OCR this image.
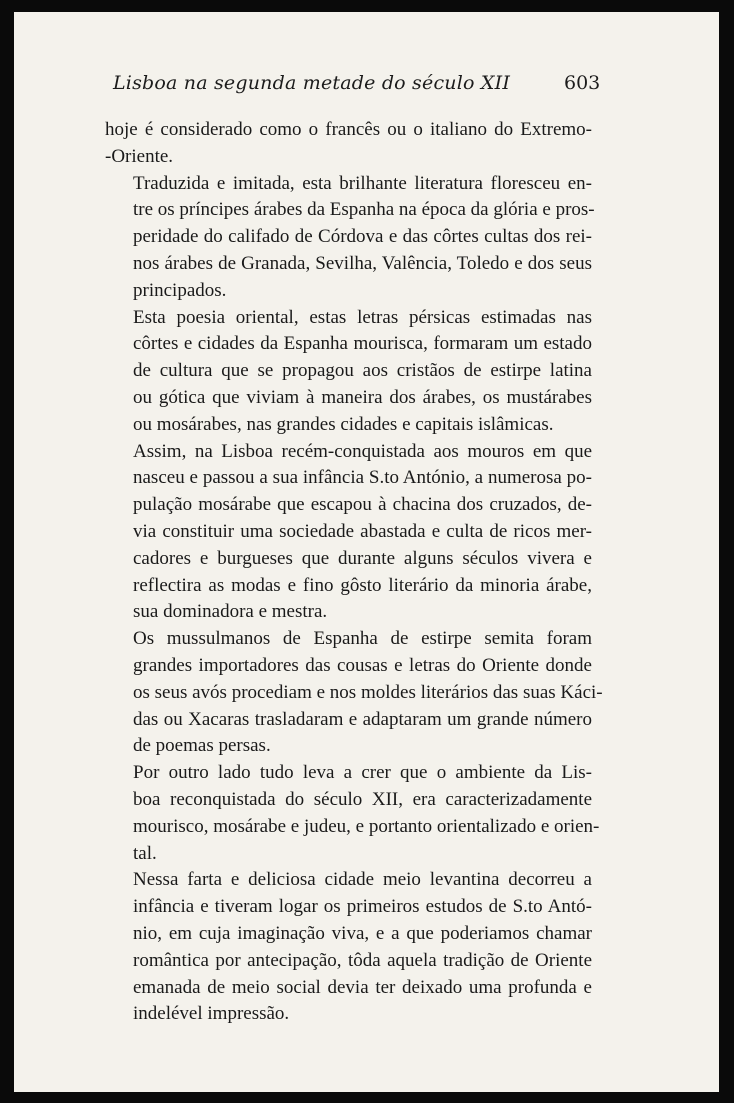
Lisboa na segunda metade do século XII	603

hoje é considerado como o francês ou o italiano do Extremo-
-Oriente.

Traduzida e imitada, esta brilhante literatura floresceu en-
tre os príncipes árabes da Espanha na época da glória e pros-
peridade do califado de Córdova e das côrtes cultas dos rei-
nos árabes de Granada, Sevilha, Valência, Toledo e dos seus
principados.

Esta poesia oriental, estas letras pérsicas estimadas nas
côrtes e cidades da Espanha mourisca, formaram um estado
de cultura que se propagou aos cristãos de estirpe latina
ou gótica que viviam à maneira dos árabes, os mustárabes
ou mosárabes, nas grandes cidades e capitais islâmicas.

Assim, na Lisboa recém-conquistada aos mouros em que
nasceu e passou a sua infância S.to António, a numerosa po-
pulação mosárabe que escapou à chacina dos cruzados, de-
via constituir uma sociedade abastada e culta de ricos mer-
cadores e burgueses que durante alguns séculos vivera e
reflectira as modas e fino gôsto literário da minoria árabe,
sua dominadora e mestra.

Os mussulmanos de Espanha de estirpe semita foram
grandes importadores das cousas e letras do Oriente donde
os seus avós procediam e nos moldes literários das suas Káci-
das ou Xacaras trasladaram e adaptaram um grande número
de poemas persas.

Por outro lado tudo leva a crer que o ambiente da Lis-
boa reconquistada do século XII, era caracterizadamente
mourisco, mosárabe e judeu, e portanto orientalizado e orien-
tal.

Nessa farta e deliciosa cidade meio levantina decorreu a
infância e tiveram logar os primeiros estudos de S.to Antó-
nio, em cuja imaginação viva, e a que poderiamos chamar
romântica por antecipação, tôda aquela tradição de Oriente
emanada de meio social devia ter deixado uma profunda e
indelével impressão.
